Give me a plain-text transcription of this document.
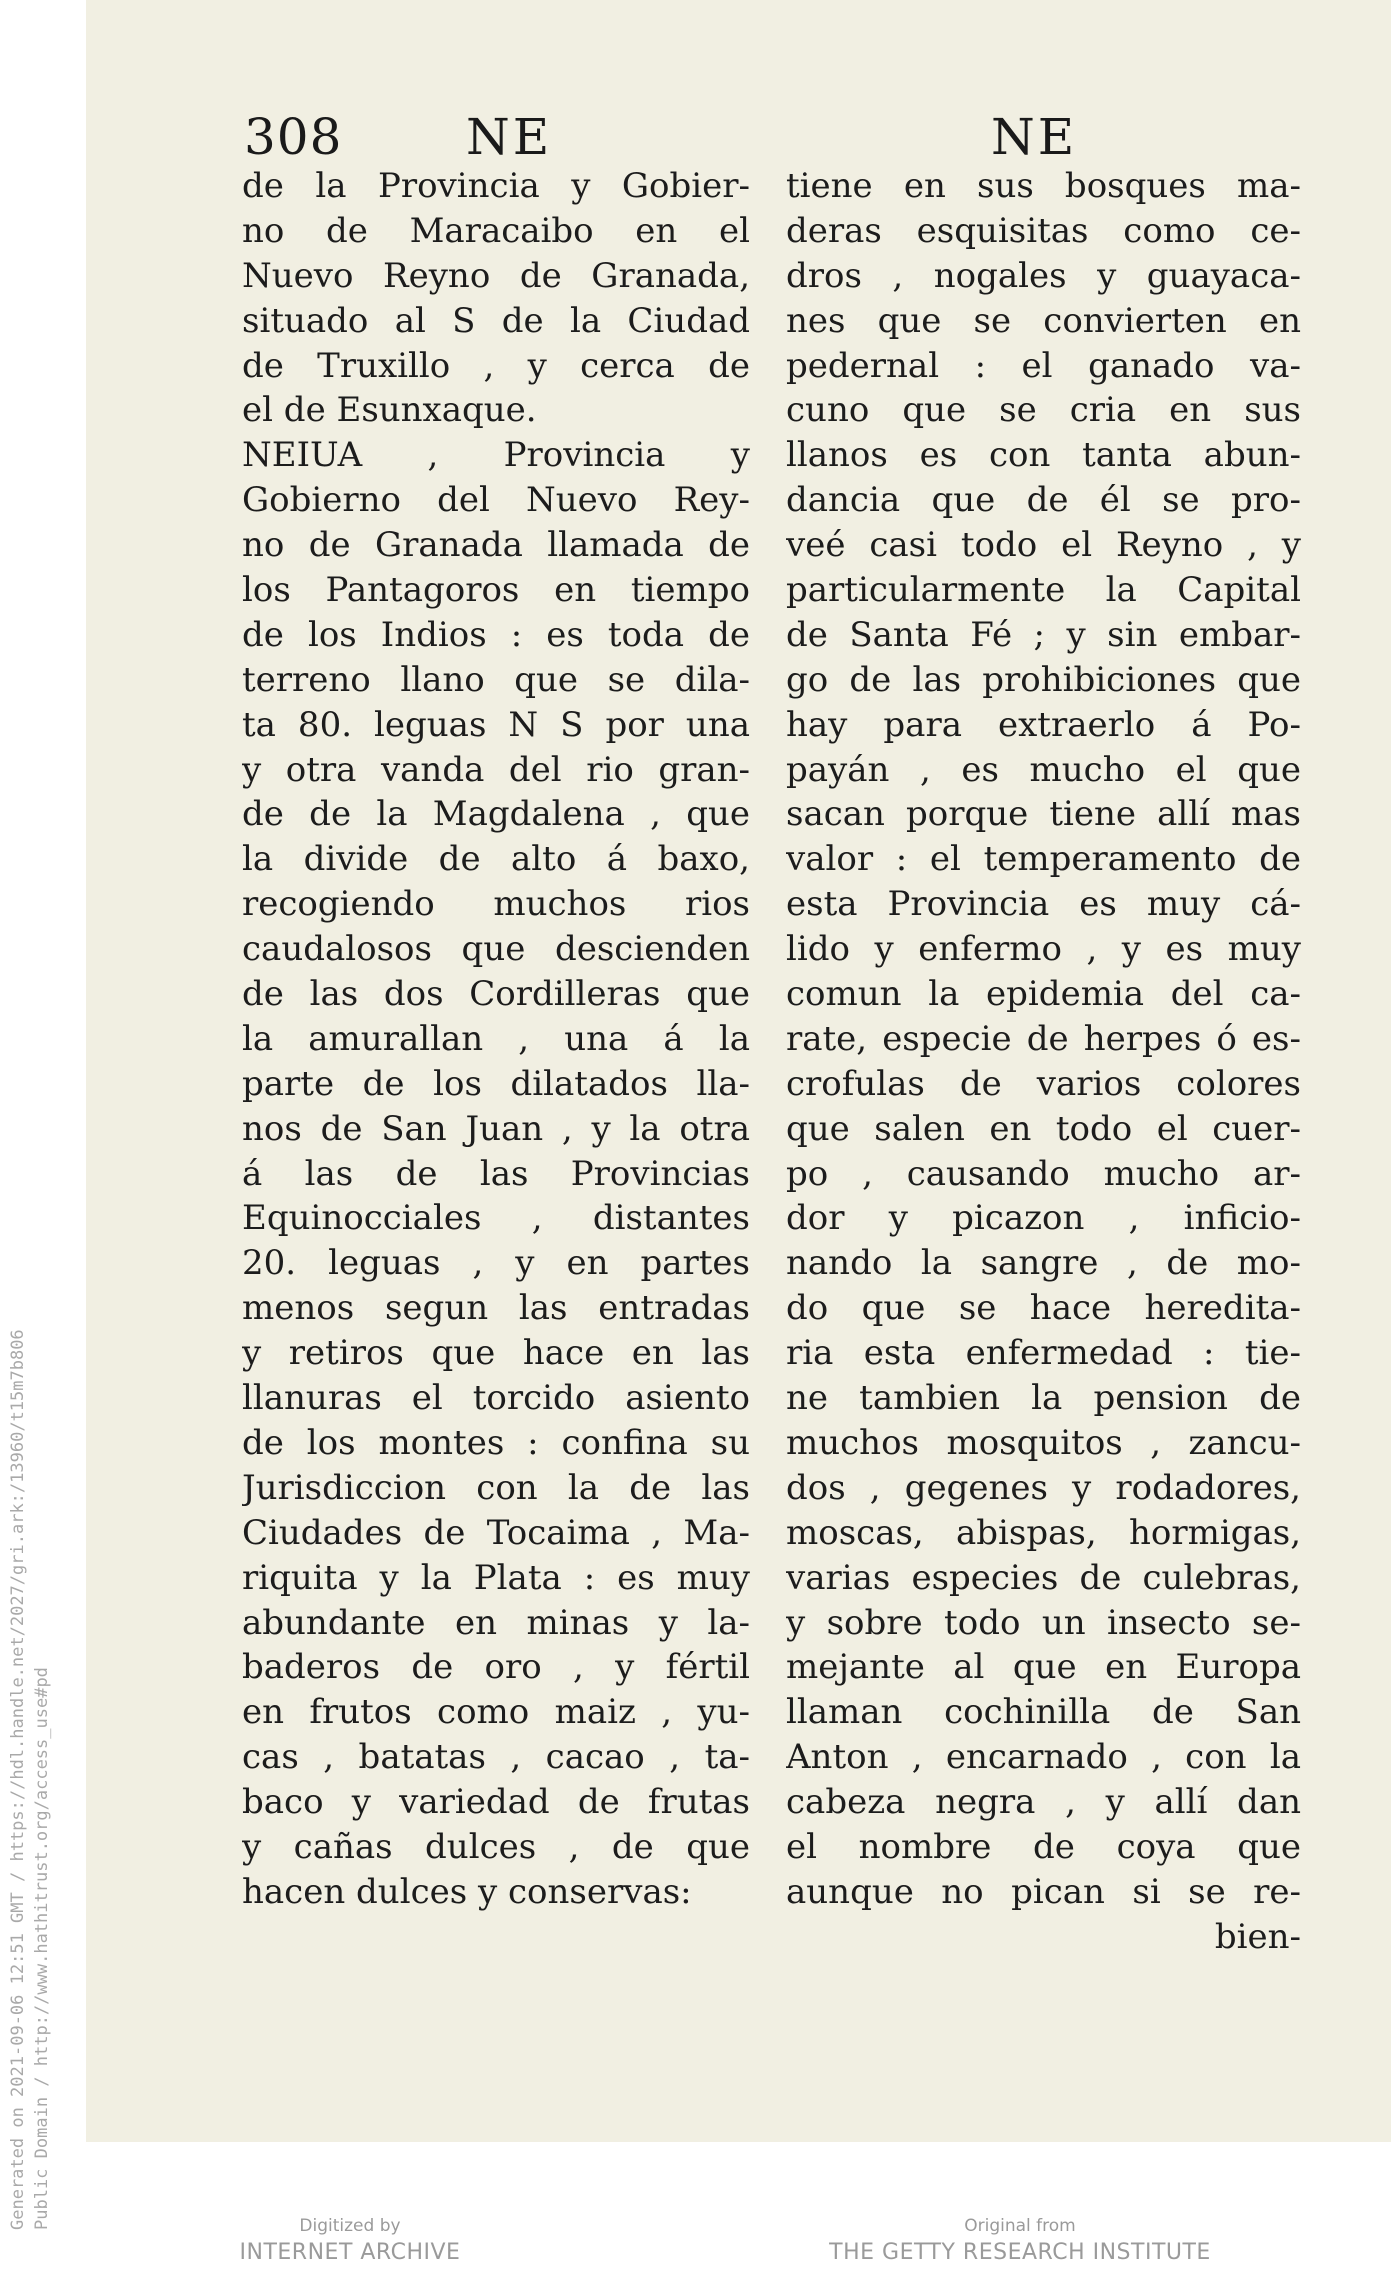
308 NE	NE
de la Provincia y Gobier-
no de Maracaibo en el
Nuevo Reyno de Granada,
situado al S de la Ciudad
de Truxillo , y cerca de
el de Esunxaque.
NEIUA , Provincia y
Gobierno del Nuevo Rey-
no de Granada llamada de
los Pantagoros en tiempo
de los Indios : es toda de
terreno llano que se dila-
ta 80. leguas N S por una
y otra vanda del rio gran-
de de la Magdalena , que
la divide de alto á baxo,
recogiendo muchos rios
caudalosos que descienden
de las dos Cordilleras que
la amurallan , una á la
parte de los dilatados lla-
nos de San Juan , y la otra
á las de las Provincias
Equinocciales , distantes
20. leguas , y en partes
menos segun las entradas
y retiros que hace en las
llanuras el torcido asiento
de los montes : confina su
Jurisdiccion con la de las
Ciudades de Tocaima , Ma-
riquita y la Plata : es muy
abundante en minas y la-
baderos de oro , y fértil
en frutos como maiz , yu-
cas , batatas , cacao , ta-
baco y variedad de frutas
y cañas dulces , de que
hacen dulces y conservas:
tiene en sus bosques ma-
deras esquisitas como ce-
dros , nogales y guayaca-
nes que se convierten en
pedernal : el ganado va-
cuno que se cria en sus
llanos es con tanta abun-
dancia que de él se pro-
veé casi todo el Reyno , y
particularmente la Capital
de Santa Fé ; y sin embar-
go de las prohibiciones que
hay para extraerlo á Po-
payán , es mucho el que
sacan porque tiene allí mas
valor : el temperamento de
esta Provincia es muy cá-
lido y enfermo , y es muy
comun la epidemia del ca-
rate, especie de herpes ó es-
crofulas de varios colores
que salen en todo el cuer-
po , causando mucho ar-
dor y picazon , inficio-
nando la sangre , de mo-
do que se hace heredita-
ria esta enfermedad : tie-
ne tambien la pension de
muchos mosquitos , zancu-
dos , gegenes y rodadores,
moscas, abispas, hormigas,
varias especies de culebras,
y sobre todo un insecto se-
mejante al que en Europa
llaman cochinilla de San
Anton , encarnado , con la
cabeza negra , y allí dan
el nombre de coya que
aunque no pican si se re-
bien-
Generated on 2021-09-06 12:51 GMT / https://hdl.handle.net/2027/gri.ark:/13960/t15m7b806 Public Domain / http://www.hathitrust.org/access_use#pd	Digitized by
INTERNET ARCHIVE
Original from
THE GETTY RESEARCH INSTITUTE
